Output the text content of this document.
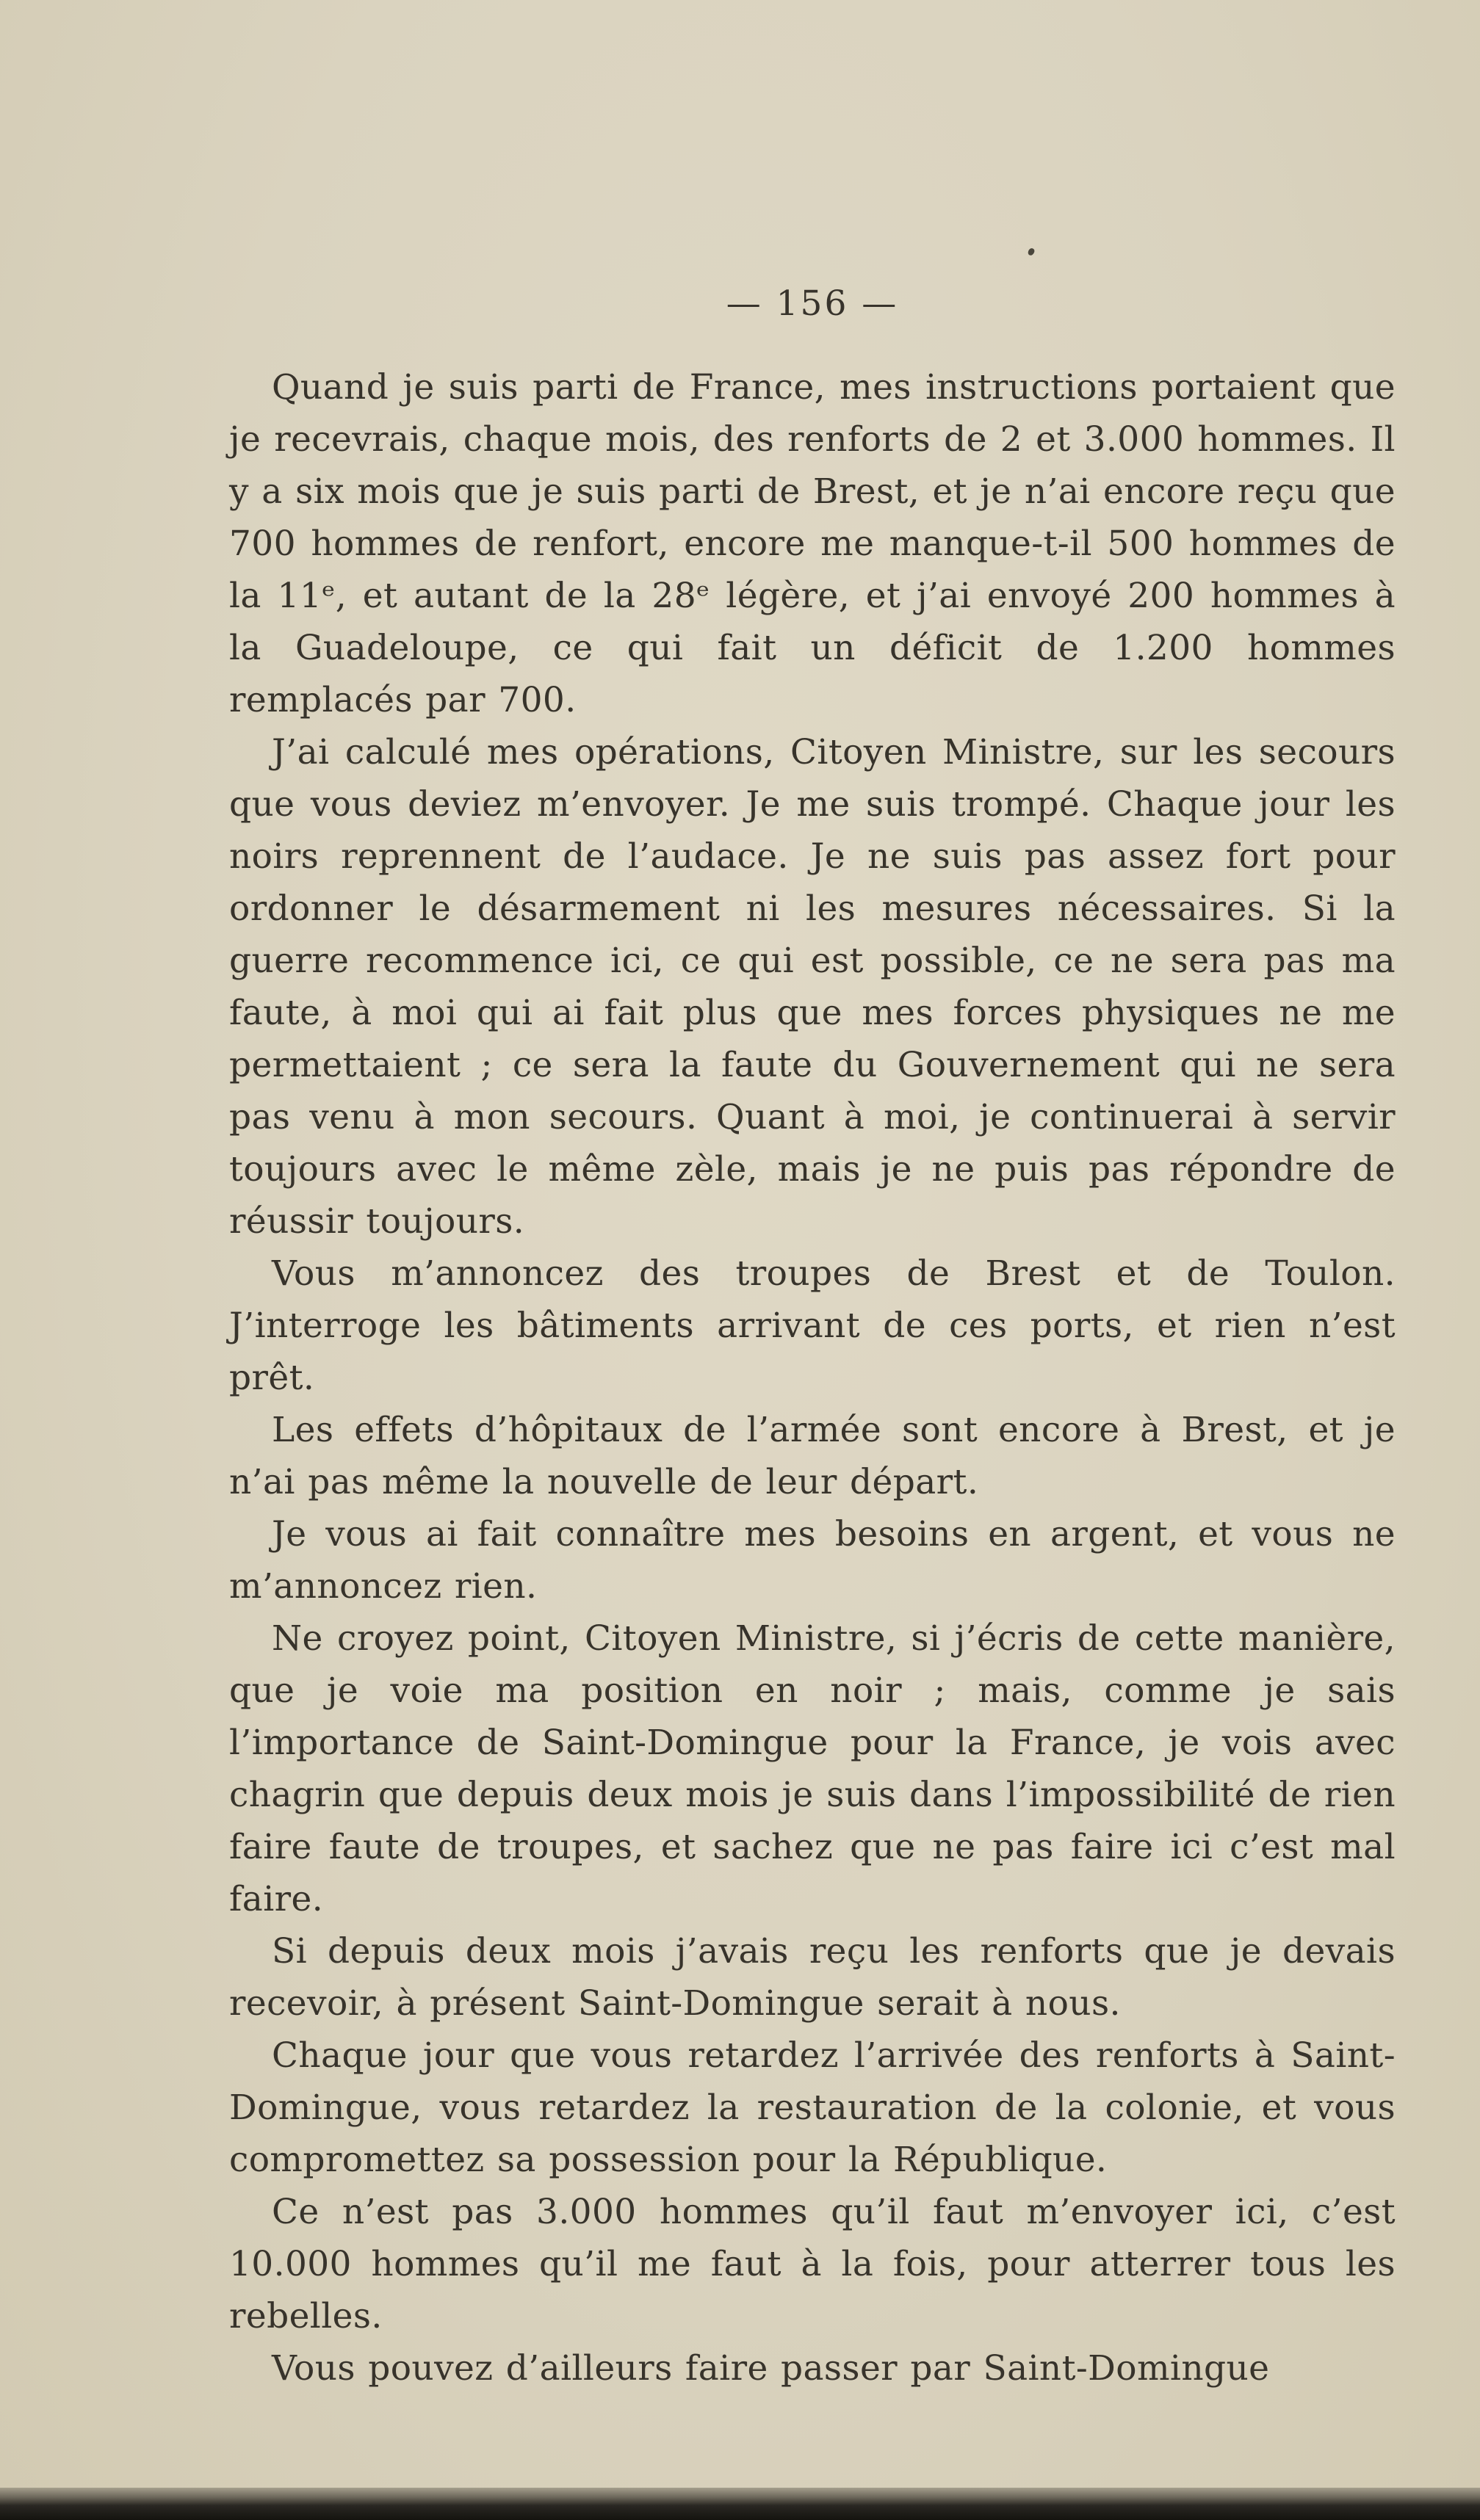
— 156 —

Quand je suis parti de France, mes instructions portaient que je recevrais, chaque mois, des renforts de 2 et 3.000 hommes. Il y a six mois que je suis parti de Brest, et je n’ai encore reçu que 700 hommes de renfort, encore me manque-t-il 500 hommes de la 11ᵉ, et autant de la 28ᵉ légère, et j’ai envoyé 200 hommes à la Guadeloupe, ce qui fait un déficit de 1.200 hommes remplacés par 700.

J’ai calculé mes opérations, Citoyen Ministre, sur les secours que vous deviez m’envoyer. Je me suis trompé. Chaque jour les noirs reprennent de l’audace. Je ne suis pas assez fort pour ordonner le désarmement ni les mesures nécessaires. Si la guerre recommence ici, ce qui est possible, ce ne sera pas ma faute, à moi qui ai fait plus que mes forces physiques ne me permettaient ; ce sera la faute du Gouvernement qui ne sera pas venu à mon secours. Quant à moi, je continuerai à servir toujours avec le même zèle, mais je ne puis pas répondre de réussir toujours.

Vous m’annoncez des troupes de Brest et de Toulon. J’interroge les bâtiments arrivant de ces ports, et rien n’est prêt.

Les effets d’hôpitaux de l’armée sont encore à Brest, et je n’ai pas même la nouvelle de leur départ.

Je vous ai fait connaître mes besoins en argent, et vous ne m’annoncez rien.

Ne croyez point, Citoyen Ministre, si j’écris de cette manière, que je voie ma position en noir ; mais, comme je sais l’importance de Saint-Domingue pour la France, je vois avec chagrin que depuis deux mois je suis dans l’impossibilité de rien faire faute de troupes, et sachez que ne pas faire ici c’est mal faire.

Si depuis deux mois j’avais reçu les renforts que je devais recevoir, à présent Saint-Domingue serait à nous.

Chaque jour que vous retardez l’arrivée des renforts à Saint-Domingue, vous retardez la restauration de la colonie, et vous compromettez sa possession pour la République.

Ce n’est pas 3.000 hommes qu’il faut m’envoyer ici, c’est 10.000 hommes qu’il me faut à la fois, pour atterrer tous les rebelles.

Vous pouvez d’ailleurs faire passer par Saint-Domingue
